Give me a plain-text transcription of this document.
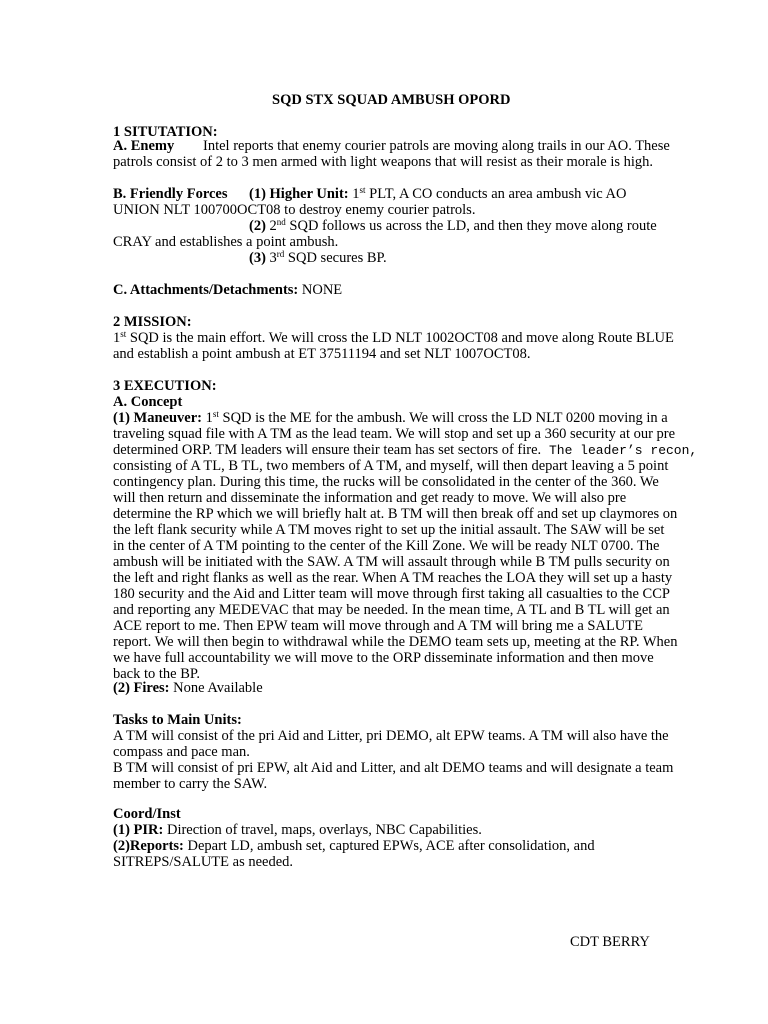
SQD STX SQUAD AMBUSH OPORD
1 SITUTATION:
A. Enemy Intel reports that enemy courier patrols are moving along trails in our AO. These
patrols consist of 2 to 3 men armed with light weapons that will resist as their morale is high.
B. Friendly Forces (1) Higher Unit: 1st PLT, A CO conducts an area ambush vic AO
UNION NLT 100700OCT08 to destroy enemy courier patrols.
(2) 2nd SQD follows us across the LD, and then they move along route
CRAY and establishes a point ambush.
(3) 3rd SQD secures BP.
C. Attachments/Detachments: NONE
2 MISSION:
1st SQD is the main effort. We will cross the LD NLT 1002OCT08 and move along Route BLUE
and establish a point ambush at ET 37511194 and set NLT 1007OCT08.
3 EXECUTION:
A. Concept
(1) Maneuver: 1st SQD is the ME for the ambush. We will cross the LD NLT 0200 moving in a
traveling squad file with A TM as the lead team. We will stop and set up a 360 security at our pre
determined ORP. TM leaders will ensure their team has set sectors of fire. The leader’s recon,
consisting of A TL, B TL, two members of A TM, and myself, will then depart leaving a 5 point
contingency plan. During this time, the rucks will be consolidated in the center of the 360. We
will then return and disseminate the information and get ready to move. We will also pre
determine the RP which we will briefly halt at. B TM will then break off and set up claymores on
the left flank security while A TM moves right to set up the initial assault. The SAW will be set
in the center of A TM pointing to the center of the Kill Zone. We will be ready NLT 0700. The
ambush will be initiated with the SAW. A TM will assault through while B TM pulls security on
the left and right flanks as well as the rear. When A TM reaches the LOA they will set up a hasty
180 security and the Aid and Litter team will move through first taking all casualties to the CCP
and reporting any MEDEVAC that may be needed. In the mean time, A TL and B TL will get an
ACE report to me. Then EPW team will move through and A TM will bring me a SALUTE
report. We will then begin to withdrawal while the DEMO team sets up, meeting at the RP. When
we have full accountability we will move to the ORP disseminate information and then move
back to the BP.
(2) Fires: None Available
Tasks to Main Units:
A TM will consist of the pri Aid and Litter, pri DEMO, alt EPW teams. A TM will also have the
compass and pace man.
B TM will consist of pri EPW, alt Aid and Litter, and alt DEMO teams and will designate a team
member to carry the SAW.
Coord/Inst
(1) PIR: Direction of travel, maps, overlays, NBC Capabilities.
(2)Reports: Depart LD, ambush set, captured EPWs, ACE after consolidation, and
SITREPS/SALUTE as needed.
CDT BERRY
